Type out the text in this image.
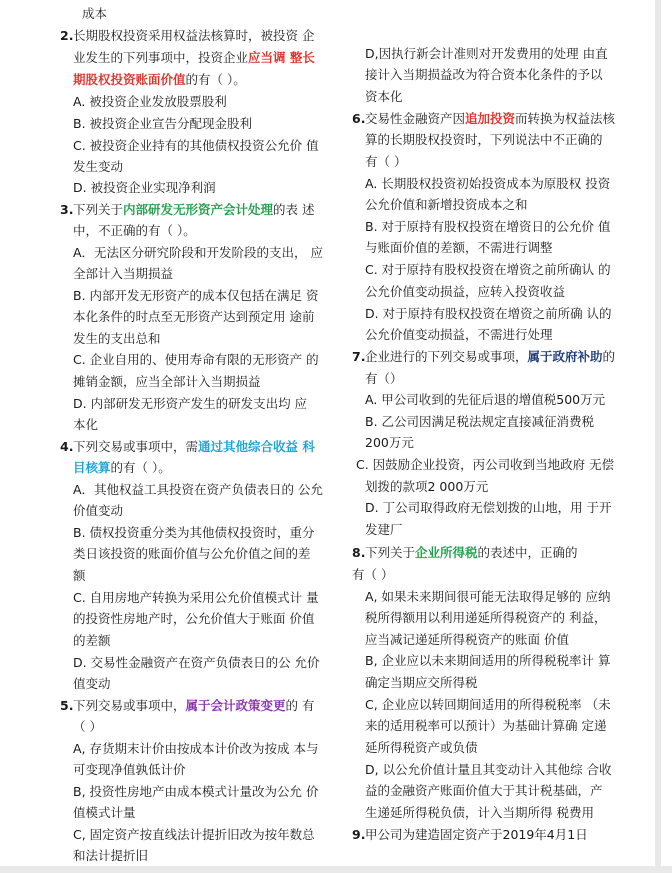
成本
2. 长期股权投资采用权益法核算时，被投资 企
业发生的下列事项中，投资企业应当调 整长
期股权投资账面价值的有（ ）。
A. 被投资企业发放股票股利
B. 被投资企业宣告分配现金股利
C. 被投资企业持有的其他债权投资公允价 值
发生变动
D. 被投资企业实现净利润
3. 下列关于内部研发无形资产会计处理的表 述
中，不正确的有（ ）。
A．无法区分研究阶段和开发阶段的支出， 应
全部计入当期损益
B. 内部开发无形资产的成本仅包括在满足 资
本化条件的时点至无形资产达到预定用 途前
发生的支出总和
C. 企业自用的、使用寿命有限的无形资产 的
摊销金额，应当全部计入当期损益
D. 内部研发无形资产发生的研发支出均 应
本化
4. 下列交易或事项中，需通过其他综合收益 科
目核算的有（ ）。
A．其他权益工具投资在资产负债表日的 公允
价值变动
B. 债权投资重分类为其他债权投资时，重分
类日该投资的账面价值与公允价值之间的差
额
C. 自用房地产转换为采用公允价值模式计 量
的投资性房地产时，公允价值大于账面 价值
的差额
D. 交易性金融资产在资产负债表日的公 允价
值变动
5. 下列交易或事项中，属于会计政策变更的 有
（ ）
A, 存货期末计价由按成本计价改为按成 本与
可变现净值孰低计价
B, 投资性房地产由成本模式计量改为公允 价
值模式计量
C, 固定资产按直线法计提折旧改为按年数总
和法计提折旧
D,因执行新会计准则对开发费用的处理 由直
接计入当期损益改为符合资本化条件的予以
资本化
6. 交易性金融资产因追加投资而转换为权益法核
算的长期股权投资时，下列说法中不正确的
有（ ）
A. 长期股权投资初始投资成本为原股权 投资
公允价值和新增投资成本之和
B. 对于原持有股权投资在增资日的公允价 值
与账面价值的差额，不需进行调整
C. 对于原持有股权投资在增资之前所确认 的
公允价值变动损益，应转入投资收益
D. 对于原持有股权投资在增资之前所确 认的
公允价值变动损益，不需进行处理
7. 企业进行的下列交易或事项，属于政府补助的
有（）
A. 甲公司收到的先征后退的增值税500万元
B. 乙公司因满足税法规定直接减征消费税
200万元
C. 因鼓励企业投资，丙公司收到当地政府 无偿
划拨的款项2 000万元
D. 丁公司取得政府无偿划拨的山地，用 于开
发建厂
8. 下列关于企业所得税的表述中，正确的
有（ ）
A, 如果未来期间很可能无法取得足够的 应纳
税所得额用以利用递延所得税资产的 利益，
应当减记递延所得税资产的账面 价值
B, 企业应以未来期间适用的所得税税率计 算
确定当期应交所得税
C, 企业应以转回期间适用的所得税税率 （未
来的适用税率可以预计）为基础计算确 定递
延所得税资产或负债
D, 以公允价值计量且其变动计入其他综 合收
益的金融资产账面价值大于其计税基础，产
生递延所得税负债，计入当期所得 税费用
9. 甲公司为建造固定资产于2019年4月1日
